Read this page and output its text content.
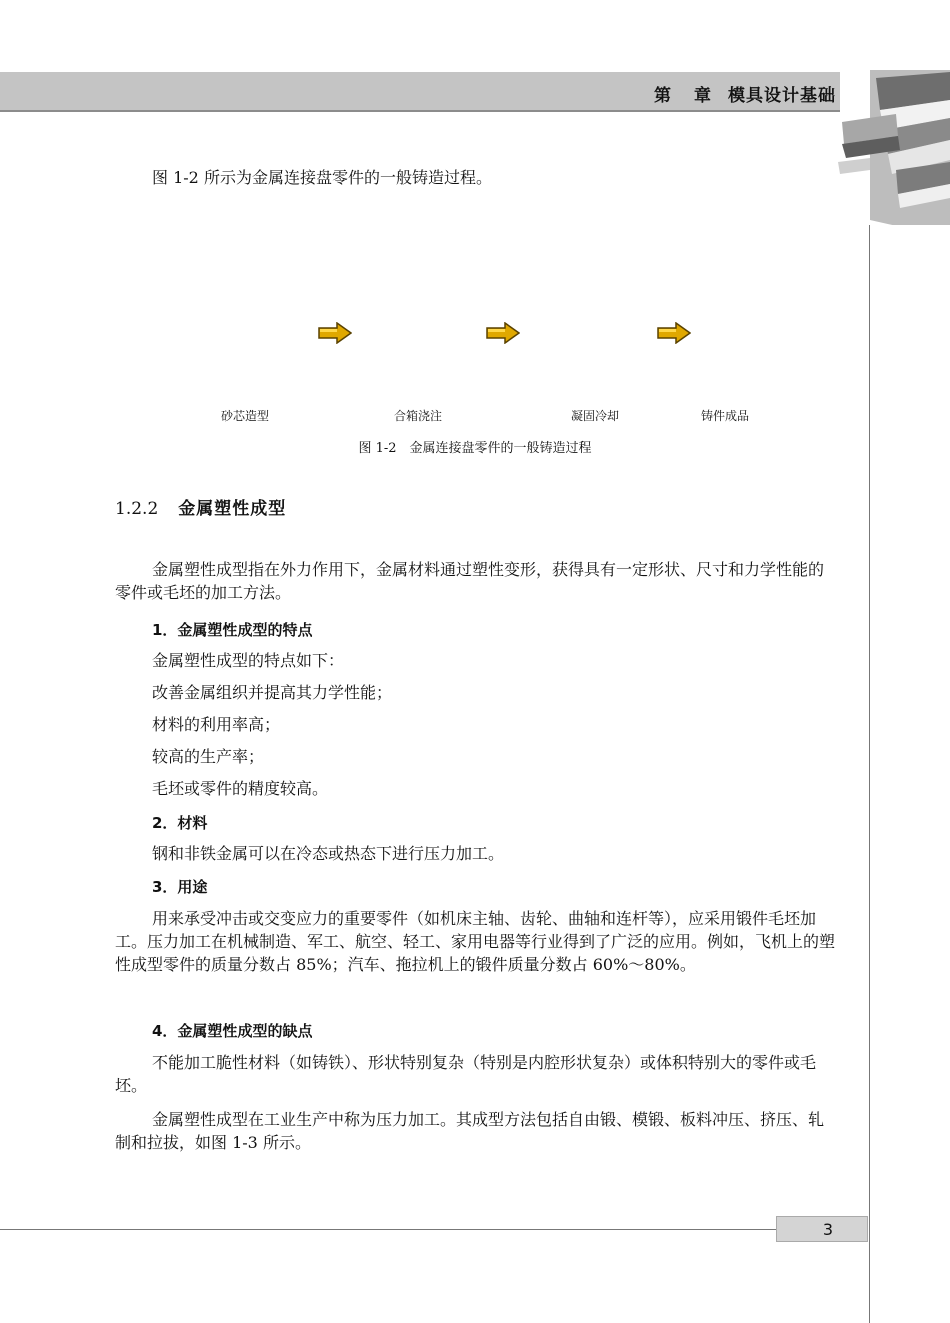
第 章 模具设计基础
图 1-2 所示为金属连接盘零件的一般铸造过程。
砂芯造型	合箱浇注	凝固冷却	铸件成品
图 1-2　金属连接盘零件的一般铸造过程
1.2.2 金属塑性成型
金属塑性成型指在外力作用下，金属材料通过塑性变形，获得具有一定形状、尺寸和力学性能的零件或毛坯的加工方法。
1．金属塑性成型的特点
金属塑性成型的特点如下：
改善金属组织并提高其力学性能；
材料的利用率高；
较高的生产率；
毛坯或零件的精度较高。
2．材料
钢和非铁金属可以在冷态或热态下进行压力加工。
3．用途
用来承受冲击或交变应力的重要零件（如机床主轴、齿轮、曲轴和连杆等），应采用锻件毛坯加工。压力加工在机械制造、军工、航空、轻工、家用电器等行业得到了广泛的应用。例如，飞机上的塑性成型零件的质量分数占 85%；汽车、拖拉机上的锻件质量分数占 60%～80%。
4．金属塑性成型的缺点
不能加工脆性材料（如铸铁）、形状特别复杂（特别是内腔形状复杂）或体积特别大的零件或毛坯。
金属塑性成型在工业生产中称为压力加工。其成型方法包括自由锻、模锻、板料冲压、挤压、轧制和拉拔，如图 1-3 所示。
3
